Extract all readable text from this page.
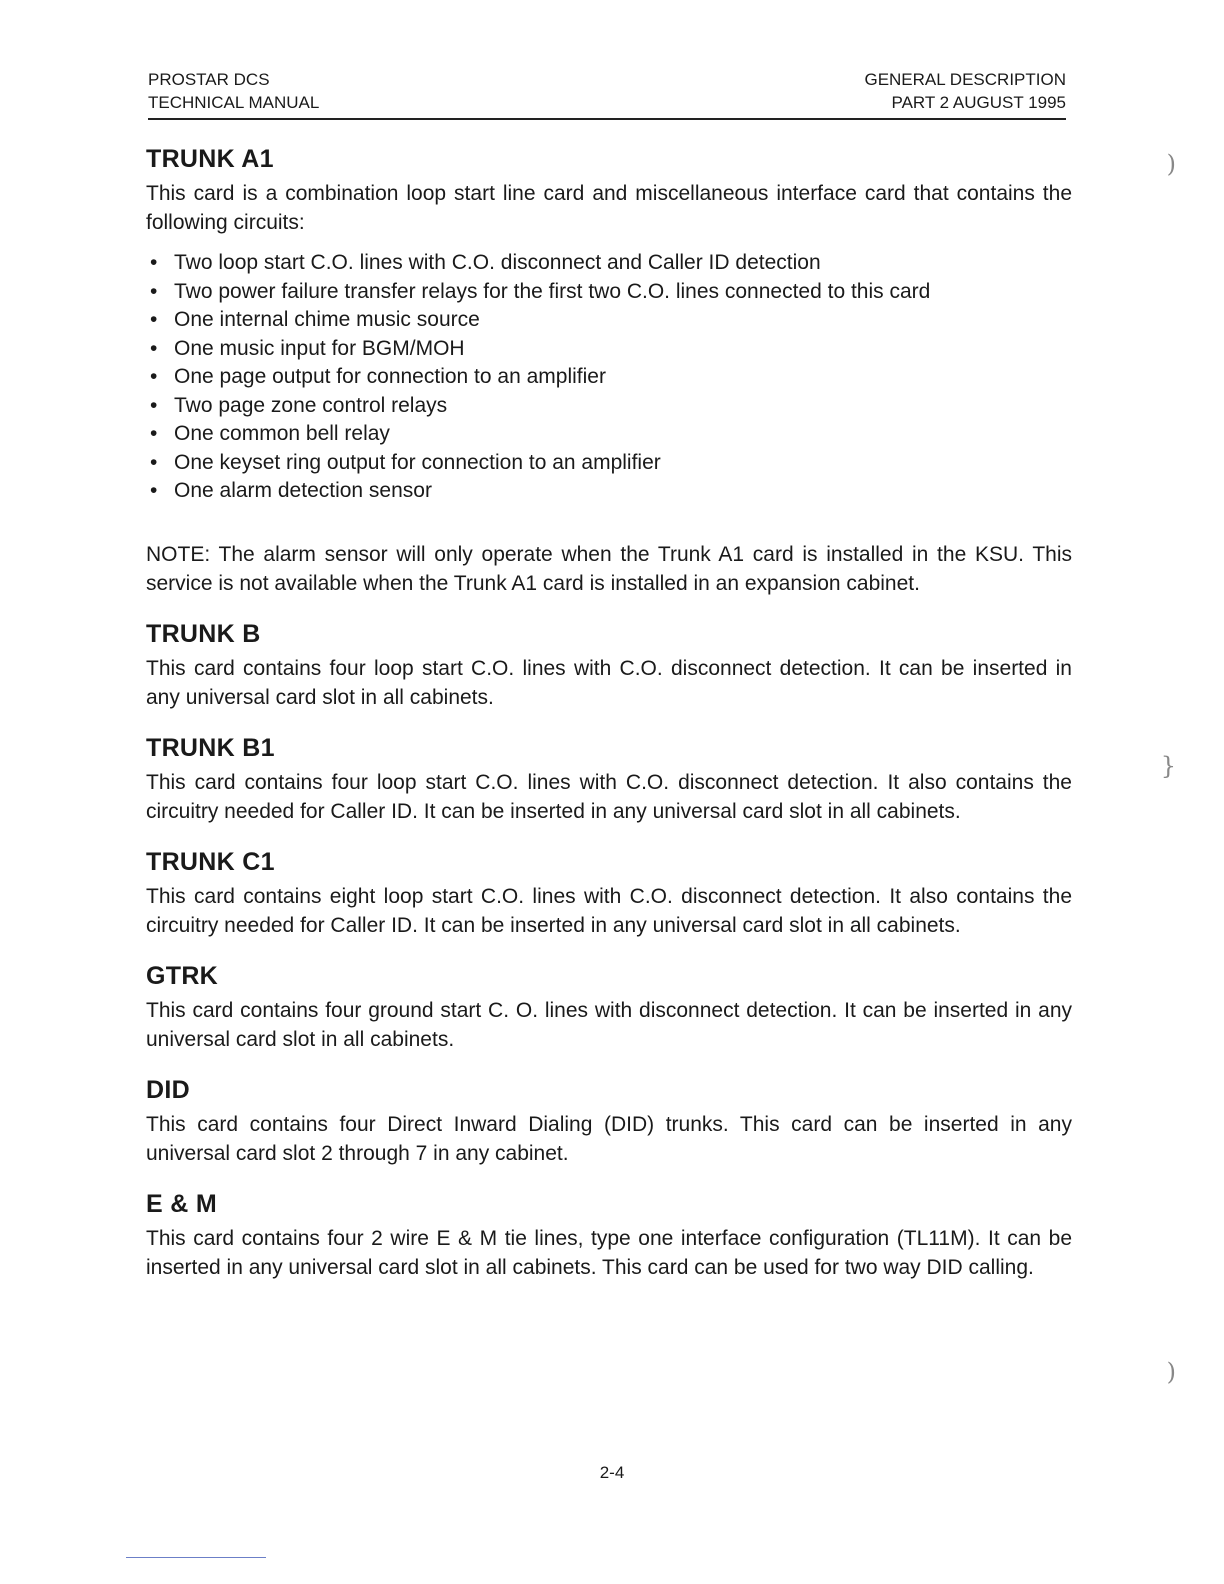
PROSTAR DCS
TECHNICAL MANUAL
GENERAL DESCRIPTION
PART 2 AUGUST 1995
TRUNK A1

This card is a combination loop start line card and miscellaneous interface card that contains the following circuits:

• Two loop start C.O. lines with C.O. disconnect and Caller ID detection
• Two power failure transfer relays for the first two C.O. lines connected to this card
• One internal chime music source
• One music input for BGM/MOH
• One page output for connection to an amplifier
• Two page zone control relays
• One common bell relay
• One keyset ring output for connection to an amplifier
• One alarm detection sensor

NOTE: The alarm sensor will only operate when the Trunk A1 card is installed in the KSU. This service is not available when the Trunk A1 card is installed in an expansion cabinet.

TRUNK B

This card contains four loop start C.O. lines with C.O. disconnect detection. It can be inserted in any universal card slot in all cabinets.

TRUNK B1

This card contains four loop start C.O. lines with C.O. disconnect detection. It also contains the circuitry needed for Caller ID. It can be inserted in any universal card slot in all cabinets.

TRUNK C1

This card contains eight loop start C.O. lines with C.O. disconnect detection. It also contains the circuitry needed for Caller ID. It can be inserted in any universal card slot in all cabinets.

GTRK

This card contains four ground start C. O. lines with disconnect detection. It can be inserted in any universal card slot in all cabinets.

DID

This card contains four Direct Inward Dialing (DID) trunks. This card can be inserted in any universal card slot 2 through 7 in any cabinet.

E & M

This card contains four 2 wire E & M tie lines, type one interface configuration (TL11M). It can be inserted in any universal card slot in all cabinets. This card can be used for two way DID calling.

2-4
)
}
)
